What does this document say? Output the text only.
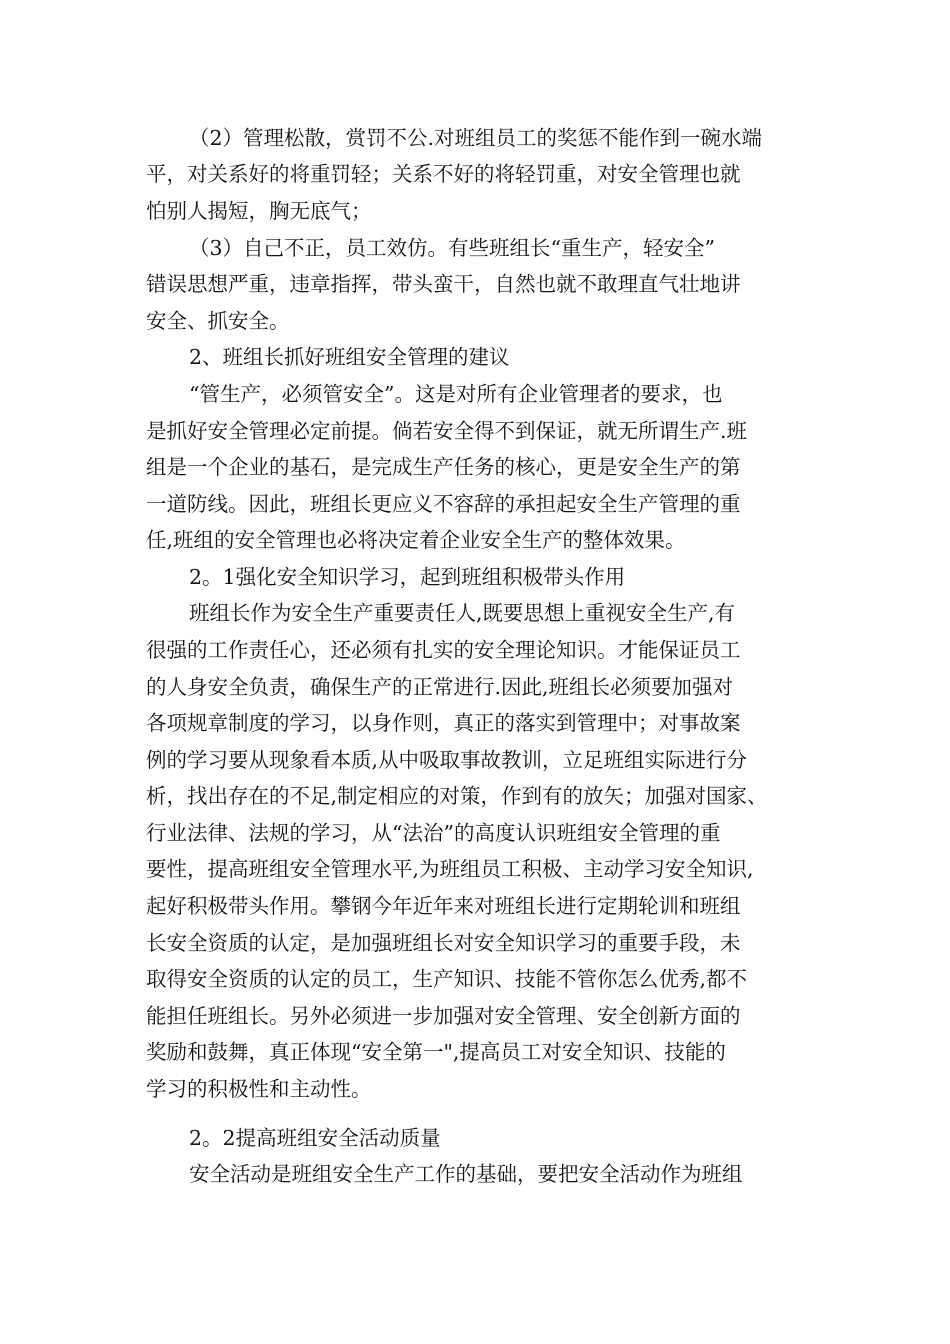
（2）管理松散，赏罚不公.对班组员工的奖惩不能作到一碗水端
平，对关系好的将重罚轻；关系不好的将轻罚重，对安全管理也就
怕别人揭短，胸无底气；
（3）自己不正，员工效仿。有些班组长“重生产，轻安全”
错误思想严重，违章指挥，带头蛮干，自然也就不敢理直气壮地讲
安全、抓安全。
2、班组长抓好班组安全管理的建议
“管生产，必须管安全”。这是对所有企业管理者的要求，也
是抓好安全管理必定前提。倘若安全得不到保证，就无所谓生产.班
组是一个企业的基石，是完成生产任务的核心，更是安全生产的第
一道防线。因此，班组长更应义不容辞的承担起安全生产管理的重
任,班组的安全管理也必将决定着企业安全生产的整体效果。
2。1强化安全知识学习，起到班组积极带头作用
班组长作为安全生产重要责任人,既要思想上重视安全生产,有
很强的工作责任心，还必须有扎实的安全理论知识。才能保证员工
的人身安全负责，确保生产的正常进行.因此,班组长必须要加强对
各项规章制度的学习，以身作则，真正的落实到管理中；对事故案
例的学习要从现象看本质,从中吸取事故教训，立足班组实际进行分
析，找出存在的不足,制定相应的对策，作到有的放矢；加强对国家、
行业法律、法规的学习，从“法治”的高度认识班组安全管理的重
要性，提高班组安全管理水平,为班组员工积极、主动学习安全知识,
起好积极带头作用。攀钢今年近年来对班组长进行定期轮训和班组
长安全资质的认定，是加强班组长对安全知识学习的重要手段，未
取得安全资质的认定的员工，生产知识、技能不管你怎么优秀,都不
能担任班组长。另外必须进一步加强对安全管理、安全创新方面的
奖励和鼓舞，真正体现“安全第一",提高员工对安全知识、技能的
学习的积极性和主动性。
2。2提高班组安全活动质量
安全活动是班组安全生产工作的基础，要把安全活动作为班组
